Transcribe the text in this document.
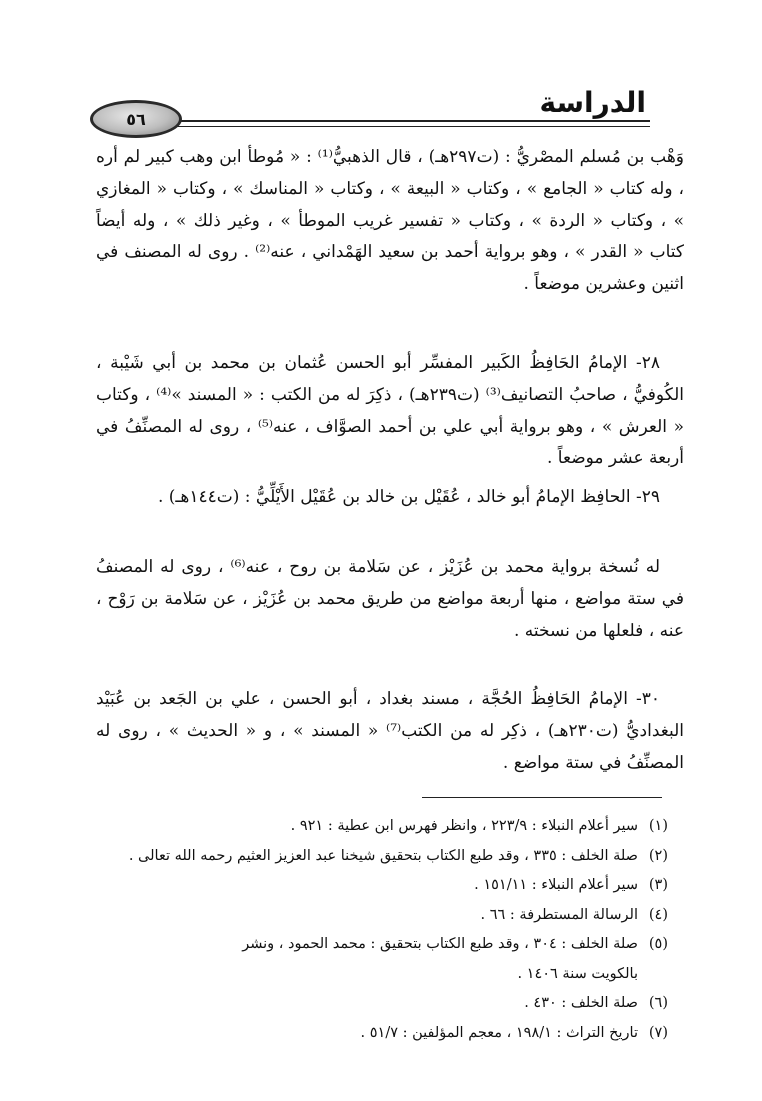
٥٦	الدراسة

وَهْب بن مُسلم المصْريُّ : (ت٢٩٧هـ) ، قال الذهبيُّ⁽¹⁾ : « مُوطأ ابن وهب كبير لم أره ، وله كتاب « الجامع » ، وكتاب « البيعة » ، وكتاب « المناسك » ، وكتاب « المغازي » ، وكتاب « الردة » ، وكتاب « تفسير غريب الموطأ » ، وغير ذلك » ، وله أيضاً كتاب « القدر » ، وهو برواية أحمد بن سعيد الهَمْداني ، عنه⁽²⁾ . روى له المصنف في اثنين وعشرين موضعاً .

٢٨- الإمامُ الحَافِظُ الكَبير المفسِّر أبو الحسن عُثمان بن محمد بن أبي شَيْبة ، الكُوفيُّ ، صاحبُ التصانيف⁽³⁾ (ت٢٣٩هـ) ، ذكِرَ له من الكتب : « المسند »⁽⁴⁾ ، وكتاب « العرش » ، وهو برواية أبي علي بن أحمد الصوَّاف ، عنه⁽⁵⁾ ، روى له المصنِّفُ في أربعة عشر موضعاً .

٢٩- الحافِظ الإمامُ أبو خالد ، عُقَيْل بن خالد بن عُقَيْل الأَيْلِّيُّ : (ت١٤٤هـ) .

له نُسخة برواية محمد بن عُزَيْز ، عن سَلامة بن روح ، عنه⁽⁶⁾ ، روى له المصنفُ في ستة مواضع ، منها أربعة مواضع من طريق محمد بن عُزَيْز ، عن سَلامة بن رَوْح ، عنه ، فلعلها من نسخته .

٣٠- الإمامُ الحَافِظُ الحُجَّة ، مسند بغداد ، أبو الحسن ، علي بن الجَعد بن عُبَيْد البغداديُّ (ت٢٣٠هـ) ، ذكِر له من الكتب⁽⁷⁾ « المسند » ، و « الحديث » ، روى له المصنِّفُ في ستة مواضع .

(١)سير أعلام النبلاء : ٢٢٣/٩ ، وانظر فهرس ابن عطية : ٩٢١ .

(٢)صلة الخلف : ٣٣٥ ، وقد طبع الكتاب بتحقيق شيخنا عبد العزيز العثيم رحمه الله تعالى .

(٣)سير أعلام النبلاء : ١٥١/١١ .

(٤)الرسالة المستطرفة : ٦٦ .

(٥)صلة الخلف : ٣٠٤ ، وقد طبع الكتاب بتحقيق : محمد الحمود ، ونشر

بالكويت سنة ١٤٠٦ .

(٦)صلة الخلف : ٤٣٠ .

(٧)تاريخ التراث : ١٩٨/١ ، معجم المؤلفين : ٥١/٧ .
